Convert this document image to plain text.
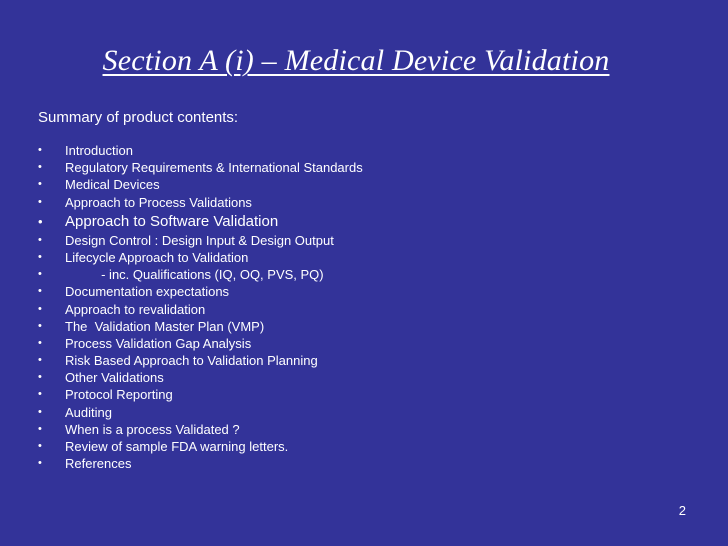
Section A (i) – Medical Device Validation
Summary of product contents:
•	Introduction
•	Regulatory Requirements & International Standards
•	Medical Devices
•	Approach to Process Validations
•	Approach to Software Validation
•	Design Control : Design Input & Design Output
•	Lifecycle Approach to Validation
•	- inc. Qualifications (IQ, OQ, PVS, PQ)
•	Documentation expectations
•	Approach to revalidation
•	The  Validation Master Plan (VMP)
•	Process Validation Gap Analysis
•	Risk Based Approach to Validation Planning
•	Other Validations
•	Protocol Reporting
•	Auditing
•	When is a process Validated ?
•	Review of sample FDA warning letters.
•	References
2
